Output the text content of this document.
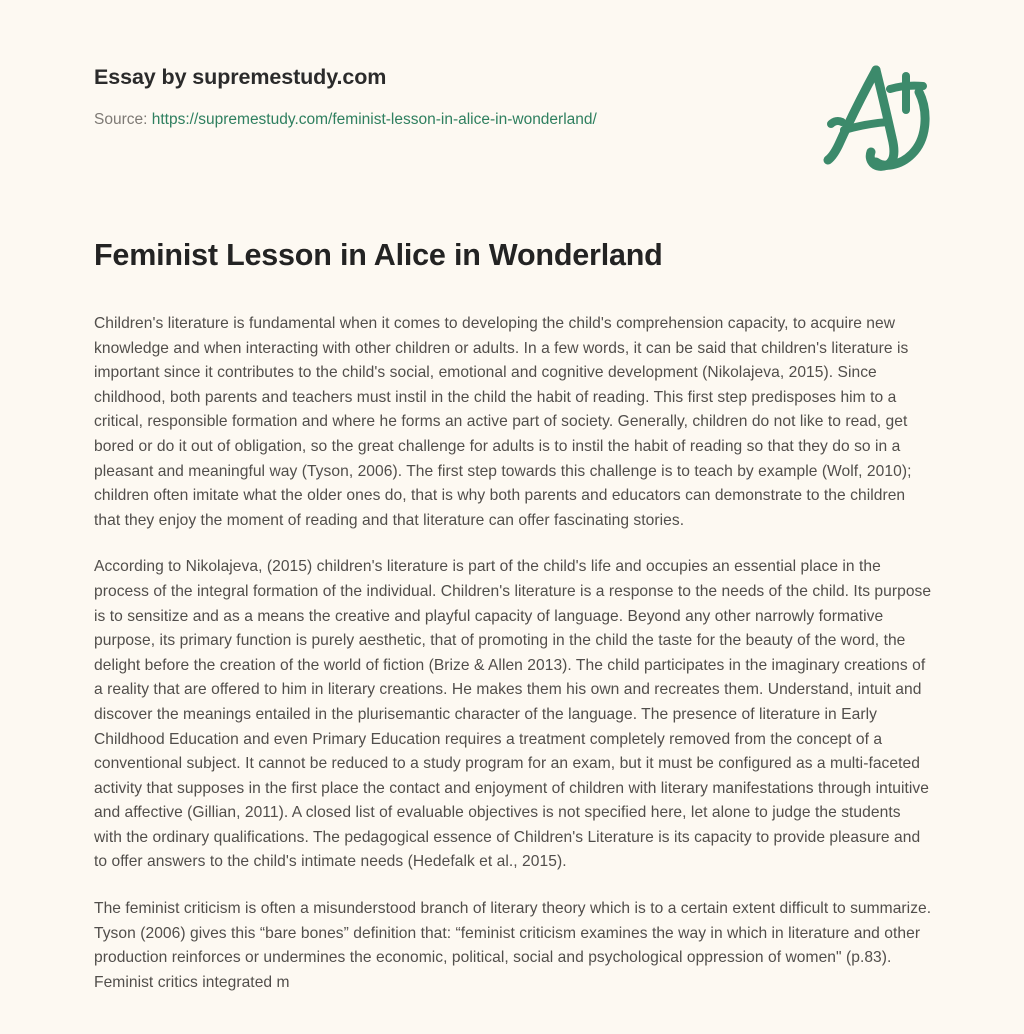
Essay by supremestudy.com
Source: https://supremestudy.com/feminist-lesson-in-alice-in-wonderland/
Feminist Lesson in Alice in Wonderland

Children's literature is fundamental when it comes to developing the child's comprehension capacity, to acquire new knowledge and when interacting with other children or adults. In a few words, it can be said that children's literature is important since it contributes to the child's social, emotional and cognitive development (Nikolajeva, 2015). Since childhood, both parents and teachers must instil in the child the habit of reading. This first step predisposes him to a critical, responsible formation and where he forms an active part of society. Generally, children do not like to read, get bored or do it out of obligation, so the great challenge for adults is to instil the habit of reading so that they do so in a pleasant and meaningful way (Tyson, 2006). The first step towards this challenge is to teach by example (Wolf, 2010); children often imitate what the older ones do, that is why both parents and educators can demonstrate to the children that they enjoy the moment of reading and that literature can offer fascinating stories.

According to Nikolajeva, (2015) children's literature is part of the child's life and occupies an essential place in the process of the integral formation of the individual. Children's literature is a response to the needs of the child. Its purpose is to sensitize and as a means the creative and playful capacity of language. Beyond any other narrowly formative purpose, its primary function is purely aesthetic, that of promoting in the child the taste for the beauty of the word, the delight before the creation of the world of fiction (Brize & Allen 2013). The child participates in the imaginary creations of a reality that are offered to him in literary creations. He makes them his own and recreates them. Understand, intuit and discover the meanings entailed in the plurisemantic character of the language. The presence of literature in Early Childhood Education and even Primary Education requires a treatment completely removed from the concept of a conventional subject. It cannot be reduced to a study program for an exam, but it must be configured as a multi-faceted activity that supposes in the first place the contact and enjoyment of children with literary manifestations through intuitive and affective (Gillian, 2011). A closed list of evaluable objectives is not specified here, let alone to judge the students with the ordinary qualifications. The pedagogical essence of Children's Literature is its capacity to provide pleasure and to offer answers to the child's intimate needs (Hedefalk et al., 2015).

The feminist criticism is often a misunderstood branch of literary theory which is to a certain extent difficult to summarize. Tyson (2006) gives this “bare bones” definition that: “feminist criticism examines the way in which in literature and other production reinforces or undermines the economic, political, social and psychological oppression of women" (p.83). Feminist critics integrated m
